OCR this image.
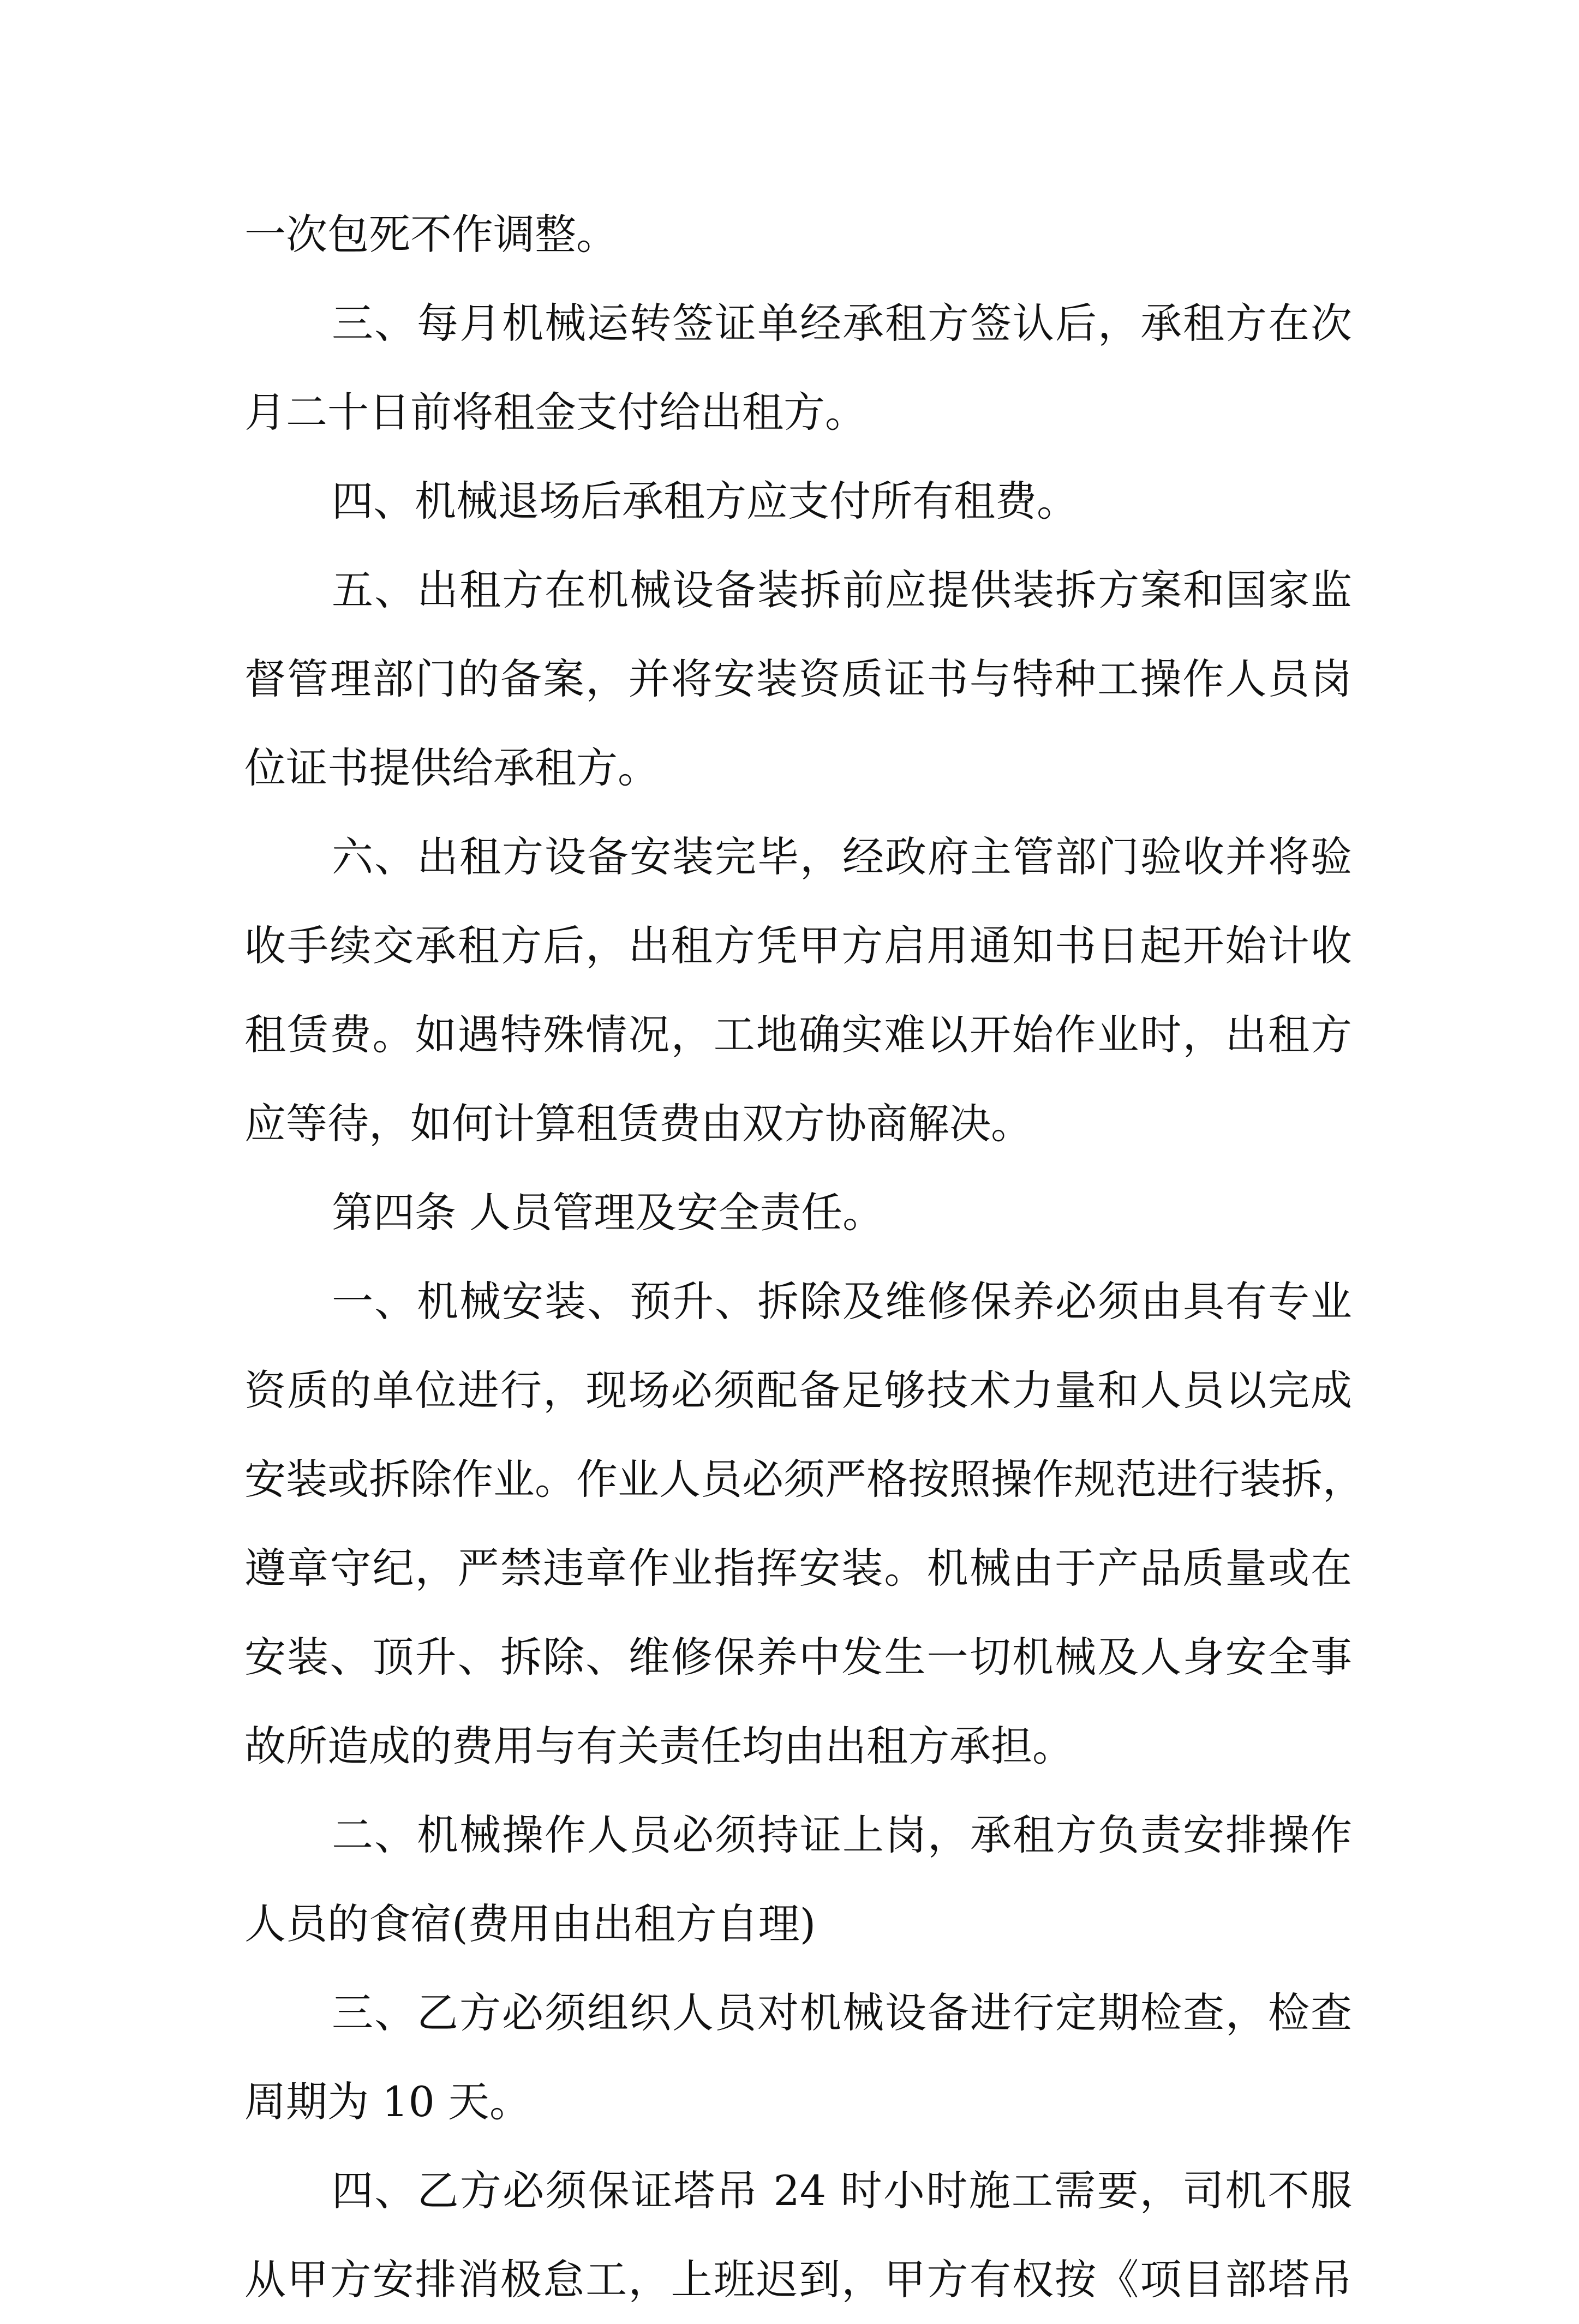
一次包死不作调整。
三、每月机械运转签证单经承租方签认后，承租方在次
月二十日前将租金支付给出租方。
四、机械退场后承租方应支付所有租费。
五、出租方在机械设备装拆前应提供装拆方案和国家监
督管理部门的备案，并将安装资质证书与特种工操作人员岗
位证书提供给承租方。
六、出租方设备安装完毕，经政府主管部门验收并将验
收手续交承租方后，出租方凭甲方启用通知书日起开始计收
租赁费。如遇特殊情况，工地确实难以开始作业时，出租方
应等待，如何计算租赁费由双方协商解决。
第四条 人员管理及安全责任。
一、机械安装、预升、拆除及维修保养必须由具有专业
资质的单位进行，现场必须配备足够技术力量和人员以完成
安装或拆除作业。作业人员必须严格按照操作规范进行装拆，
遵章守纪，严禁违章作业指挥安装。机械由于产品质量或在
安装、顶升、拆除、维修保养中发生一切机械及人身安全事
故所造成的费用与有关责任均由出租方承担。
二、机械操作人员必须持证上岗，承租方负责安排操作
人员的食宿(费用由出租方自理)
三、乙方必须组织人员对机械设备进行定期检查，检查
周期为 10 天。
四、乙方必须保证塔吊 24 时小时施工需要，司机不服
从甲方安排消极怠工，上班迟到，甲方有权按《项目部塔吊
